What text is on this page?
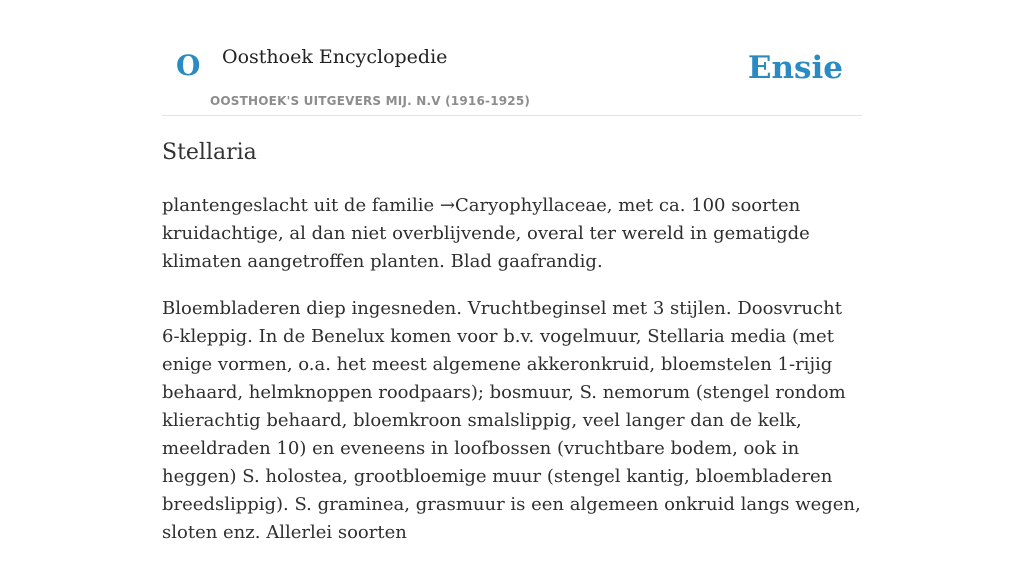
O Oosthoek Encyclopedie
OOSTHOEK'S UITGEVERS MIJ. N.V (1916-1925)
Ensie
Stellaria

plantengeslacht uit de familie →Caryophyllaceae, met ca. 100 soorten kruidachtige, al dan niet overblijvende, overal ter wereld in gematigde klimaten aangetroffen planten. Blad gaafrandig.

Bloembladeren diep ingesneden. Vruchtbeginsel met 3 stijlen. Doosvrucht 6-kleppig. In de Benelux komen voor b.v. vogelmuur, Stellaria media (met enige vormen, o.a. het meest algemene akkeronkruid, bloemstelen 1-rijig behaard, helmknoppen roodpaars); bosmuur, S. nemorum (stengel rondom klierachtig behaard, bloemkroon smalslippig, veel langer dan de kelk, meeldraden 10) en eveneens in loofbossen (vruchtbare bodem, ook in heggen) S. holostea, grootbloemige muur (stengel kantig, bloembladeren breedslippig). S. graminea, grasmuur is een algemeen onkruid langs wegen, sloten enz. Allerlei soorten
